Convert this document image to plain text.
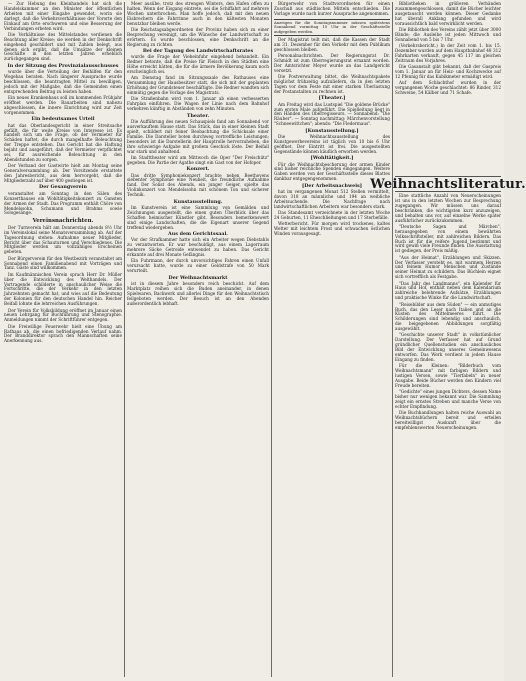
— Zur Hebung des Kleinhandels hat sich die Handelskammer an den Minister der öffentlichen Arbeiten mit einer Eingabe gewendet, worin sie darlegt, daß die Verkehrsverhältnisse der Vororte den Einkauf am Orte erschweren und eine Besserung der Verbindungen erbeten wird.

Die Verhältnisse des Mittelstandes verdienen die Beachtung aller Kreise; sie werden in der Denkschrift eingehend geschildert und mit Zahlen belegt, aus denen sich ergibt, daß die Umsätze der kleinen Geschäfte in den letzten Jahren erheblich zurückgegangen sind.

In der Sitzung des Provinzialausschusses

wurde über die Verteilung der Beihilfen für den Wegebau beraten. Nach längerer Aussprache wurde beschlossen, die beantragten Mittel zu bewilligen, jedoch mit der Maßgabe, daß die Gemeinden einen entsprechenden Beitrag zu leisten haben.

Ein neues Krankenhaus soll im kommenden Frühjahr eröffnet werden. Die Bauarbeiten sind nahezu abgeschlossen, die innere Einrichtung wird zur Zeit vorgenommen.

Ein bedeutsames Urteil

hat das Oberlandesgericht in einer Streitsache gefällt, die für weite Kreise von Interesse ist. Es handelt sich um die Frage, ob der Vermieter für Schäden haftet, die durch mangelhafte Beleuchtung der Treppe entstehen. Das Gericht hat die Haftung bejaht und ausgeführt, daß der Vermieter verpflichtet sei, für ausreichende Beleuchtung in den Abendstunden zu sorgen.

Der Verband der Gastwirte hielt am Montag seine Generalversammlung ab. Der Vorsitzende erstattete den Jahresbericht, aus dem hervorgeht, daß die Mitgliederzahl auf über 400 gestiegen ist.

Der Gesangverein

veranstaltet am Sonntag in den Sälen des Konzerthauses ein Wohltätigkeitskonzert zu Gunsten der Armen der Stadt. Das Programm enthält Chöre von Mendelssohn, Schumann und Brahms sowie Sologesänge.

Vereinsnachrichten.

Der Turnverein hält am Donnerstag abends 8½ Uhr im Vereinslokal seine Monatsversammlung ab. Auf der Tagesordnung stehen: Aufnahme neuer Mitglieder, Bericht über das Schauturnen und Verschiedenes. Die Mitglieder werden um vollzähliges Erscheinen gebeten.

Der Bürgerverein für den Westbezirk veranstaltet am Sonnabend einen Familienabend mit Vorträgen und Tanz. Gäste sind willkommen.

Im Kaufmännischen Verein sprach Herr Dr. Müller über die Entwicklung des Welthandels. Der Vortragende schilderte in anschaulicher Weise die Fortschritte, die der Verkehr in den letzten Jahrzehnten gemacht hat, und wies auf die Bedeutung der Kolonien für den deutschen Handel hin. Reicher Beifall lohnte die lehrreichen Ausführungen.

Der Verein für Volksbildung eröffnet im Januar einen neuen Lehrgang für Buchführung und Stenographie. Anmeldungen nimmt der Schriftführer entgegen.

Die Freiwillige Feuerwehr hielt eine Übung am Rathaus ab, die einen befriedigenden Verlauf nahm. Der Branddirektor sprach den Mannschaften seine Anerkennung aus.

Meer ausübe, trotz des strengen Winters, den Hafen offen zu halten. Wenn der Eisgang eintrete, sei die Schiffahrt auf mehrere Wochen unterbrochen. Man hoffe jedoch, daß mit den neuen Eisbrechern die Fahrrinne auch in den kältesten Monaten benutzbar bleiben werde.

Die Reichstagsabgeordneten der Provinz haben sich zu einer Besprechung vereinigt, um die Wünsche der Landwirtschaft zu erörtern. Es wurde beschlossen, eine Denkschrift an die Regierung zu richten.

Bei der Tagung des Landwirtschaftsrates

wurde die Frage der Vieheinfuhr eingehend behandelt. Ein Redner betonte, daß die Preise für Fleisch in den Städten eine Höhe erreicht hätten, die für die ärmere Bevölkerung kaum noch erschwinglich sei.

Am Dienstag fand im Sitzungssaale des Rathauses eine Versammlung der Hausbesitzer statt, die sich mit der geplanten Erhöhung der Grundsteuer beschäftigte. Die Redner wandten sich einmütig gegen die Vorlage des Magistrats.

Die Straßenbahn wird vom 1. Januar ab einen verbesserten Fahrplan einführen. Die Wagen der Linie nach dem Bahnhof verkehren künftig in Abständen von zehn Minuten.

Theater.

Die Aufführung des neuen Schauspiels fand am Sonnabend vor ausverkauftem Hause statt. Das Stück, das in einer kleinen Stadt spielt, schildert mit feiner Beobachtung die Schicksale einer Familie. Die Darsteller boten durchweg vortreffliche Leistungen; besonders ist die Darstellerin der Hauptrolle hervorzuheben, die ihre schwierige Aufgabe mit großem Geschick löste. Der Beifall war stark und anhaltend.

Im Stadttheater wird am Mittwoch die Oper "Der Freischütz" gegeben. Die Partie der Agathe singt ein Gast von der Hofoper.

Konzert.

Das dritte Symphoniekonzert brachte neben Beethovens siebenter Symphonie eine Neuheit, die freundliche Aufnahme fand. Der Solist des Abends, ein junger Geiger, spielte das Violinkonzert von Mendelssohn mit schönem Ton und sicherer Technik.

Kunstausstellung.

Im Kunstverein ist eine Sammlung von Gemälden und Zeichnungen ausgestellt, die einen guten Überblick über das Schaffen heimischer Künstler gibt. Besonders bemerkenswert sind einige Landschaften, die die Eigenart unserer Gegend treffend wiedergeben.

Aus dem Gerichtssaal.

Vor der Strafkammer hatte sich ein Arbeiter wegen Diebstahls zu verantworten. Er war beschuldigt, aus einem Lagerraum mehrere Säcke Getreide entwendet zu haben. Das Gericht erkannte auf drei Monate Gefängnis.

Ein Fuhrmann, der durch unvorsichtiges Fahren einen Unfall verursacht hatte, wurde zu einer Geldstrafe von 50 Mark verurteilt.

Der Weihnachtsmarkt

ist in diesem Jahre besonders reich beschickt. Auf dem Marktplatz reihen sich die Buden aneinander, in denen Spielwaren, Backwerk und allerlei Dinge für den Weihnachtstisch feilgeboten werden. Der Besuch ist an den Abenden außerordentlich lebhaft.

Bürgerwehr von Stadtvorordneten für einen Zuschuß aus städtischen Mitteln entschieden. Die Vorlage wurde nach kurzer Aussprache angenommen.

Anzeigen für die Sonntagsnummer müssen spätestens Sonnabend vormittag 10 Uhr in der Geschäftsstelle aufgegeben werden.

Der Magistrat teilt mit, daß die Kassen der Stadt am 31. Dezember für den Verkehr mit dem Publikum geschlossen bleiben.

Personalnachrichten. Der Regierungsrat Dr. Schmidt ist zum Oberregierungsrat ernannt worden. Der Amtsrichter Meyer wurde an das Landgericht versetzt.

Die Postverwaltung bittet, die Weihnachtspakete möglichst frühzeitig aufzuliefern, da in den letzten Tagen vor dem Feste mit einer starken Überlastung der Postanstalten zu rechnen ist.

[Theater.]

Am Freitag wird das Lustspiel "Die goldene Brücke" zum ersten Male aufgeführt. Die Spielleitung liegt in den Händen des Oberregisseurs. — Sonnabend: "Die Räuber". — Sonntag nachmittag: Märchenvorstellung "Schneewittchen"; abends: "Die Fledermaus".

[Kunstausstellung.]

Die Weihnachtsausstellung des Kunstgewerbevereins ist täglich von 10 bis 6 Uhr geöffnet. Der Eintritt ist frei. Die ausgestellten Gegenstände können käuflich erworben werden.

[Wohltätigkeit.]

Für die Weihnachtsbescherung der armen Kinder sind bisher reichliche Spenden eingegangen. Weitere Gaben werden von der Geschäftsstelle dieses Blattes dankbar entgegengenommen.

[Der Arbeitsnachweis]

hat im vergangenen Monat 512 Stellen vermittelt, davon 318 an männliche und 194 an weibliche Arbeitsuchende. Die Nachfrage nach landwirtschaftlichen Arbeitern war besonders stark.

Das Standesamt verzeichnete in der letzten Woche 24 Geburten, 11 Eheschließungen und 17 Sterbefälle.

Wetterbericht. Für morgen wird trockenes, kaltes Wetter mit leichtem Frost und schwachen östlichen Winden vorausgesagt.

Bibliotheken in größeren Verbänden zusammengeschlossen, damit die Bücher leichter ausgetauscht werden können. Dieser Gedanke hat überall Anklang gefunden und wird voraussichtlich bald verwirklicht werden.

Die Bibliothek des Vereins zählt jetzt über 3000 Bände; die Ausleihe ist jeden Mittwoch und Sonnabend von 5 bis 7 Uhr.

(Verkehrsbericht.) In der Zeit vom 1. bis 15. Dezember wurden auf dem Hauptbahnhof 48 312 Fahrkarten verkauft, gegen 45 117 im gleichen Zeitraum des Vorjahres.

Die Gasanstalt gibt bekannt, daß der Gaspreis vom 1. Januar an für Heiz- und Kochzwecke auf 12 Pfennig für das Kubikmeter ermäßigt wird.

Auf dem Schlachthof wurden in der vergangenen Woche geschlachtet: 86 Rinder, 312 Schweine, 54 Kälber und 71 Schafe.

Weihnachtsliteratur.

Eine stattliche Anzahl von Neuerscheinungen ist uns in den letzten Wochen zur Besprechung zugegangen. Wir müssen uns darauf beschränken, die wichtigsten kurz anzuzeigen, und behalten uns vor, auf einzelne Werke später ausführlicher zurückzukommen.

"Deutsche Sagen und Märchen", herausgegeben von einem bewährten Volksschriftsteller, mit zahlreichen Bildern. Das Buch ist für die reifere Jugend bestimmt und wird gewiß viele Freunde finden. Die Ausstattung ist gediegen, der Preis mäßig.

"Aus der Heimat", Erzählungen und Skizzen. Der Verfasser versteht es, mit warmem Herzen und feinem Humor Menschen und Zustände seiner Heimat zu schildern. Das Büchlein eignet sich vortrefflich als Festgabe.

"Das Jahr des Landmanns", ein Kalender für Haus und Hof, enthält neben dem Kalendarium zahlreiche belehrende Aufsätze, Erzählungen und praktische Winke für die Landwirtschaft.

"Reisebilder aus dem Süden" — ein anmutiges Buch, das den Leser nach Italien und an die Küsten des Mittelmeeres führt. Die Schilderungen sind lebendig und anschaulich, die beigegebenen Abbildungen sorgfältig ausgewählt.

"Geschichte unserer Stadt" in volkstümlicher Darstellung. Der Verfasser hat auf Grund gründlicher Quellenstudien ein anschauliches Bild der Entwicklung unseres Gemeinwesens entworfen. Das Werk verdient in jedem Hause Eingang zu finden.

Für die Kleinen: "Bilderbuch vom Weihnachtsmann" mit farbigen Bildern und lustigen Versen, sowie "Tierfabeln" in neuer Ausgabe. Beide Bücher werden den Kindern viel Freude bereiten.

"Gedichte" eines jungen Dichters, dessen Name bisher nur wenigen bekannt war. Die Sammlung zeigt ein ernstes Streben und manche Verse von echter Empfindung.

Die Buchhandlungen halten reiche Auswahl an Weihnachtsbüchern bereit und erteilen bereitwilligst Auskunft über die empfehlenswerten Neuerscheinungen.
